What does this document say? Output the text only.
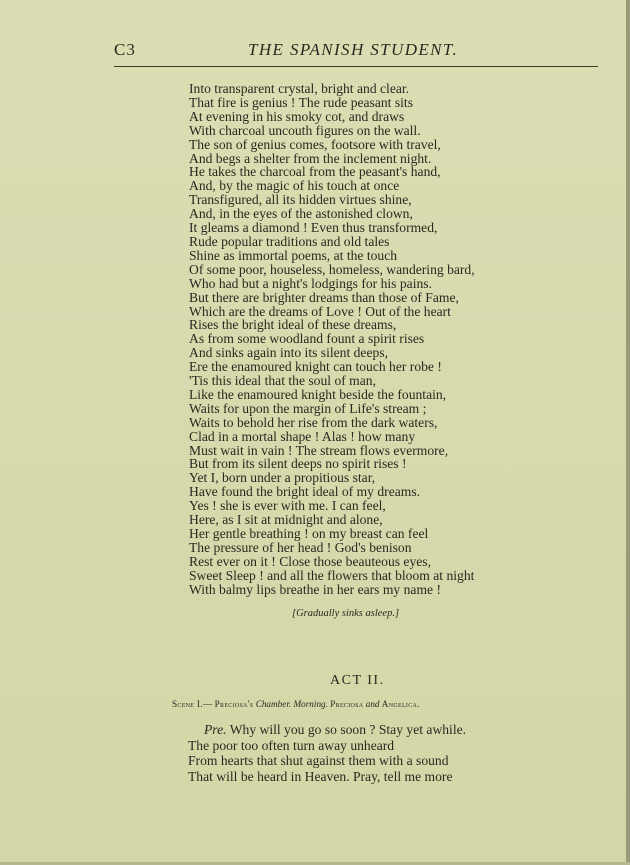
C3	THE SPANISH STUDENT.
Into transparent crystal, bright and clear.
That fire is genius ! The rude peasant sits
At evening in his smoky cot, and draws
With charcoal uncouth figures on the wall.
The son of genius comes, footsore with travel,
And begs a shelter from the inclement night.
He takes the charcoal from the peasant's hand,
And, by the magic of his touch at once
Transfigured, all its hidden virtues shine,
And, in the eyes of the astonished clown,
It gleams a diamond ! Even thus transformed,
Rude popular traditions and old tales
Shine as immortal poems, at the touch
Of some poor, houseless, homeless, wandering bard,
Who had but a night's lodgings for his pains.
But there are brighter dreams than those of Fame,
Which are the dreams of Love ! Out of the heart
Rises the bright ideal of these dreams,
As from some woodland fount a spirit rises
And sinks again into its silent deeps,
Ere the enamoured knight can touch her robe !
'Tis this ideal that the soul of man,
Like the enamoured knight beside the fountain,
Waits for upon the margin of Life's stream ;
Waits to behold her rise from the dark waters,
Clad in a mortal shape ! Alas ! how many
Must wait in vain ! The stream flows evermore,
But from its silent deeps no spirit rises !
Yet I, born under a propitious star,
Have found the bright ideal of my dreams.
Yes ! she is ever with me. I can feel,
Here, as I sit at midnight and alone,
Her gentle breathing ! on my breast can feel
The pressure of her head ! God's benison
Rest ever on it ! Close those beauteous eyes,
Sweet Sleep ! and all the flowers that bloom at night
With balmy lips breathe in her ears my name !
[Gradually sinks asleep.]
ACT II.
Scene I.— Preciosa's Chamber. Morning. Preciosa and Angelica.
Pre. Why will you go so soon ? Stay yet awhile.
The poor too often turn away unheard
From hearts that shut against them with a sound
That will be heard in Heaven. Pray, tell me more
